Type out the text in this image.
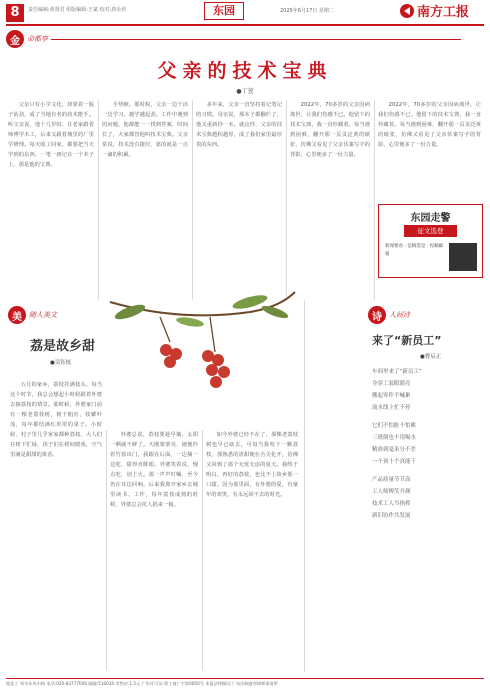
8	责任编辑:黄贤君 组版编辑:王斌 校对:唐永传	东园	2025年6月17日 星期二	南方工报
金	命都亭
父亲的技术宝典
●丁萱
父亲只有小学文化，却靠着一股子钻劲，成了当地有名的技术能手。听父亲说，他十几岁时，在老家跟着师傅学木工，后来又跟着城里的厂里学修理。每天收工回家，都要把当天学到的东西，一笔一画记在一个本子上，那是他的宝典。
手势帧。那时候，父亲一边干活一边学习，越学越起劲。工作中遇到的问题，他都能一一找到答案，时间长了，大家都管他叫技术宝典。父亲常说，技术没有捷径，靠的就是一点一滴的积累。
多年来，父亲一直坚持着记笔记的习惯。母亲说，那本子都翻烂了，他又重新抄一本。就这样，父亲的技术宝典越积越厚，成了我们家里最珍贵的东西。
2022年，70多岁的父亲因病离世，让我们伤感不已。他留下的技术宝典，我一直珍藏着。每当遇到困难，翻开那一页页泛黄的纸张，仿佛又看见了父亲伏案写字的背影，心里便多了一份力量。
2022年，70多岁的父亲因病离世，让我们伤感不已。他留下的技术宝典，我一直珍藏着。每当遇到困难，翻开那一页页泛黄的纸张，仿佛又看见了父亲伏案写字的背影，心里便多了一份力量。
东园走警
征文选登
新闻要看 · 征稿选登 · 投稿邮箱
美	随人美文
荔是故乡甜
●吴钰炫
五月的家乡，荔枝挂满枝头。每当这个时节，我总会想起小时候跟着外婆去摘荔枝的情景。那时候，外婆家门前有一棵老荔枝树，树干粗壮，枝繁叶茂，每年都结满红彤彤的果子。小时候，村子里几乎家家都种荔枝，大人们在树下忙碌，孩子们在树间嬉戏，空气里满是甜甜的果香。
外婆总说，荔枝要趁早摘，太阳一晒就不鲜了。天刚蒙蒙亮，她便拎着竹篮出门，我跟在后面，一边摘一边吃，甜得直眯眼。外婆笑着说，慢点吃，别上火。那一声声叮嘱，至今仍在耳边回响。后来我离开家乡去城里读书、工作，每年荔枝成熟的时候，外婆总会托人捎来一箱。
如今外婆已经不在了，那棵老荔枝树也早已砍去。可每当我咬下一颗荔枝，那熟悉的清甜便在舌尖化开，仿佛又回到了那个无忧无虑的夏天。我终于明白，再好的荔枝，也比不上故乡那一口甜。因为那里面，有外婆的爱，有童年的欢笑，有永远回不去的时光。
诗	人间诗
来了“新员工”
●曹启正
车间里来了“新员工”
身穿工装眼睛亮
搬起零件不喊累
流水线上忙不停
它们不怕脏不怕累
三班倒也不用喝水
精准到毫米分不差
一个顶十个真能干
产品质量节节高
工人师傅笑开颜
技术工人当指挥
新旧协作共发展
地址:广州市东风中路 电话:020-83777000 邮编:510030 零售价:1.5元 广告许可证:粤工商广字第0050号 本报法律顾问:广东法制盛邦律师事务所
